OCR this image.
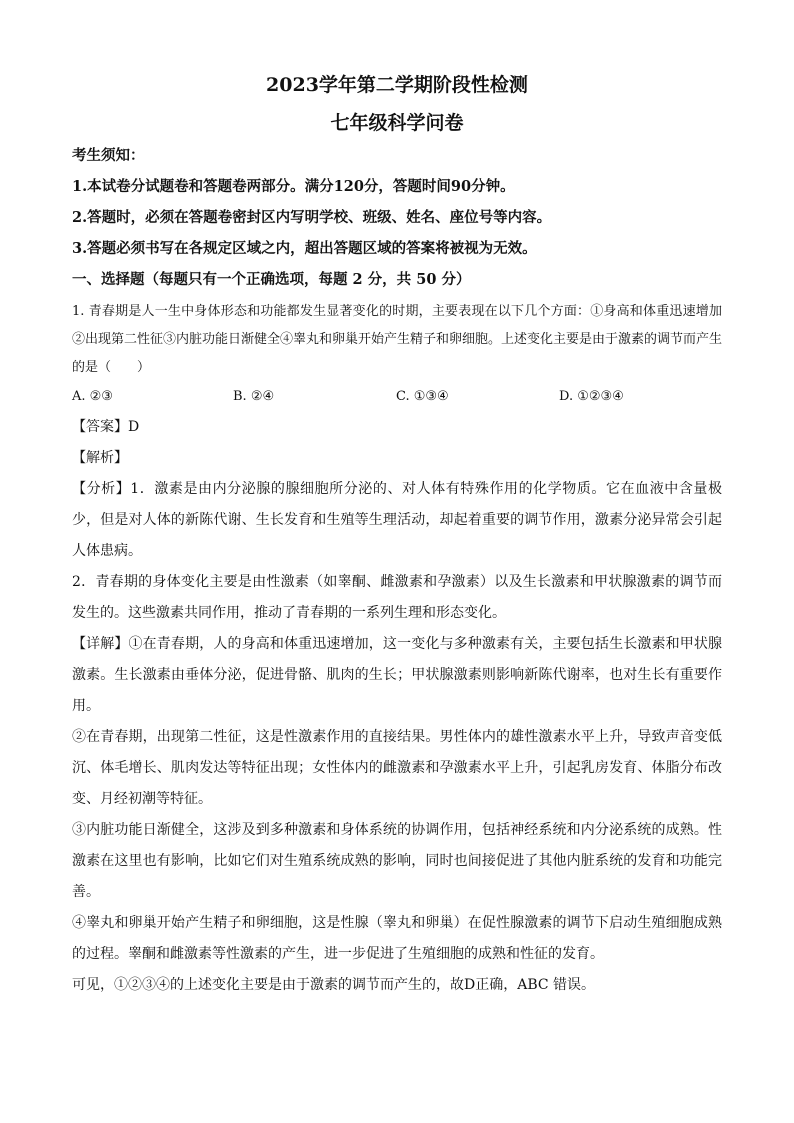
2023学年第二学期阶段性检测
七年级科学问卷
考生须知：
1.本试卷分试题卷和答题卷两部分。满分120分，答题时间90分钟。
2.答题时，必须在答题卷密封区内写明学校、班级、姓名、座位号等内容。
3.答题必须书写在各规定区域之内，超出答题区域的答案将被视为无效。
一、选择题（每题只有一个正确选项，每题 2 分，共 50 分）

1. 青春期是人一生中身体形态和功能都发生显著变化的时期，主要表现在以下几个方面：①身高和体重迅速增加②出现第二性征③内脏功能日渐健全④睾丸和卵巢开始产生精子和卵细胞。上述变化主要是由于激素的调节而产生的是（　　）

A. ②③	B. ②④	C. ①③④	D. ①②③④

【答案】D

【解析】

【分析】1．激素是由内分泌腺的腺细胞所分泌的、对人体有特殊作用的化学物质。它在血液中含量极少，但是对人体的新陈代谢、生长发育和生殖等生理活动，却起着重要的调节作用，激素分泌异常会引起人体患病。

2．青春期的身体变化主要是由性激素（如睾酮、雌激素和孕激素）以及生长激素和甲状腺激素的调节而发生的。这些激素共同作用，推动了青春期的一系列生理和形态变化。

【详解】①在青春期，人的身高和体重迅速增加，这一变化与多种激素有关，主要包括生长激素和甲状腺激素。生长激素由垂体分泌，促进骨骼、肌肉的生长；甲状腺激素则影响新陈代谢率，也对生长有重要作用。

②在青春期，出现第二性征，这是性激素作用的直接结果。男性体内的雄性激素水平上升，导致声音变低沉、体毛增长、肌肉发达等特征出现；女性体内的雌激素和孕激素水平上升，引起乳房发育、体脂分布改变、月经初潮等特征。

③内脏功能日渐健全，这涉及到多种激素和身体系统的协调作用，包括神经系统和内分泌系统的成熟。性激素在这里也有影响，比如它们对生殖系统成熟的影响，同时也间接促进了其他内脏系统的发育和功能完善。

④睾丸和卵巢开始产生精子和卵细胞，这是性腺（睾丸和卵巢）在促性腺激素的调节下启动生殖细胞成熟的过程。睾酮和雌激素等性激素的产生，进一步促进了生殖细胞的成熟和性征的发育。

可见，①②③④的上述变化主要是由于激素的调节而产生的，故D正确，ABC 错误。
